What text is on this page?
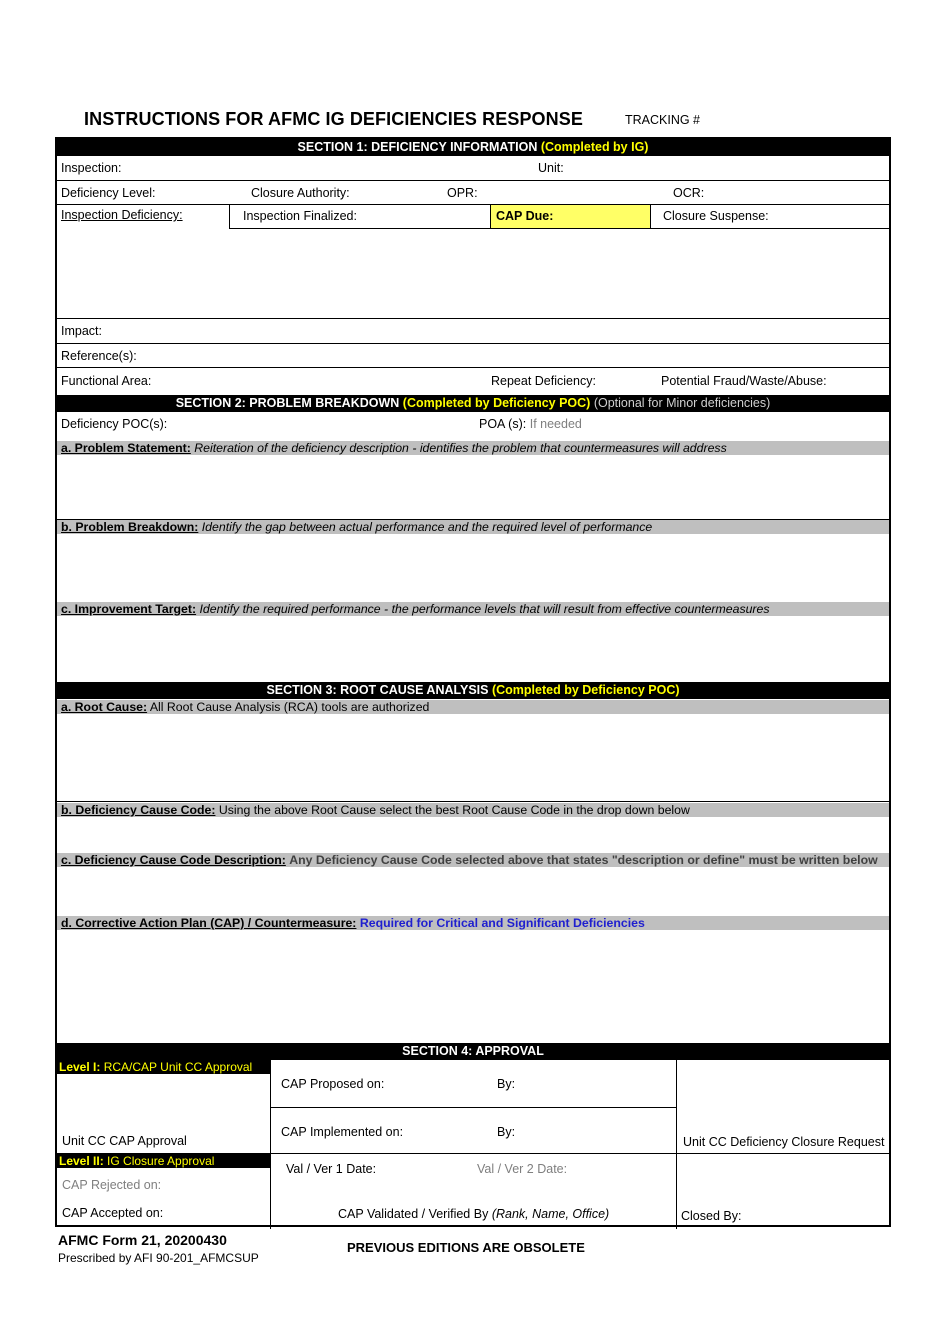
INSTRUCTIONS FOR AFMC IG DEFICIENCIES RESPONSE	TRACKING #
SECTION 1: DEFICIENCY INFORMATION (Completed by IG)
Inspection:	Unit:
Deficiency Level:	Closure Authority:	OPR:	OCR:
Inspection Deficiency:	Inspection Finalized:	CAP Due:	Closure Suspense:
Impact:
Reference(s):
Functional Area:	Repeat Deficiency:	Potential Fraud/Waste/Abuse:
SECTION 2: PROBLEM BREAKDOWN (Completed by Deficiency POC) (Optional for Minor deficiencies)
Deficiency POC(s):	POA (s): If needed
a. Problem Statement: Reiteration of the deficiency description - identifies the problem that countermeasures will address
b. Problem Breakdown: Identify the gap between actual performance and the required level of performance
c. Improvement Target: Identify the required performance - the performance levels that will result from effective countermeasures
SECTION 3: ROOT CAUSE ANALYSIS (Completed by Deficiency POC)
a. Root Cause: All Root Cause Analysis (RCA) tools are authorized
b. Deficiency Cause Code: Using the above Root Cause select the best Root Cause Code in the drop down below
c. Deficiency Cause Code Description: Any Deficiency Cause Code selected above that states "description or define" must be written below
d. Corrective Action Plan (CAP) / Countermeasure: Required for Critical and Significant Deficiencies
SECTION 4: APPROVAL
Level I: RCA/CAP Unit CC Approval
Unit CC CAP Approval
CAP Proposed on:	By:
CAP Implemented on:	By:
Unit CC Deficiency Closure Request
Level II: IG Closure Approval
CAP Rejected on:
CAP Accepted on:
Val / Ver 1 Date:	Val / Ver 2 Date:
CAP Validated / Verified By (Rank, Name, Office)	Closed By:
AFMC Form 21, 20200430
Prescribed by AFI 90-201_AFMCSUP
PREVIOUS EDITIONS ARE OBSOLETE
